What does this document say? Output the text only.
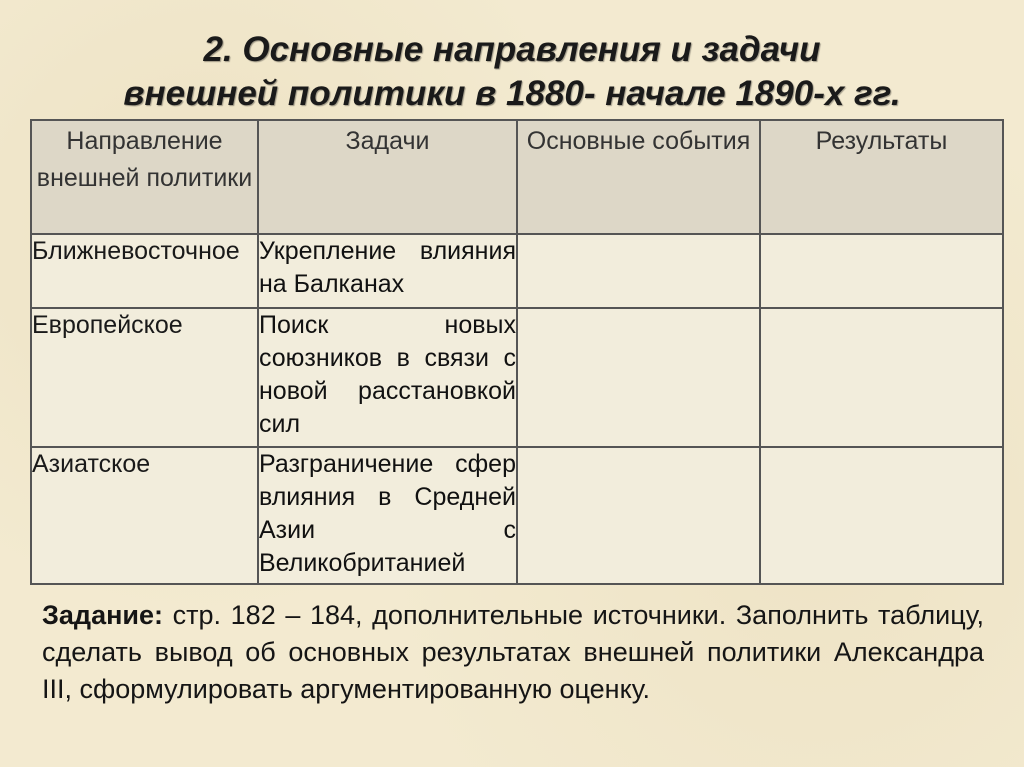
2. Основные направления и задачи
внешней политики в 1880- начале 1890-х гг.
Направление внешней политики	Задачи	Основные события	Результаты
Ближневосточное	Укрепление влияния на Балканах		
Европейское	Поиск новых союзников в связи с новой расстановкой сил		
Азиатское	Разграничение сфер влияния в Средней Азии с Великобританией		
Задание: стр. 182 – 184, дополнительные источники. Заполнить таблицу, сделать вывод об основных результатах внешней политики Александра III, сформулировать аргументированную оценку.
